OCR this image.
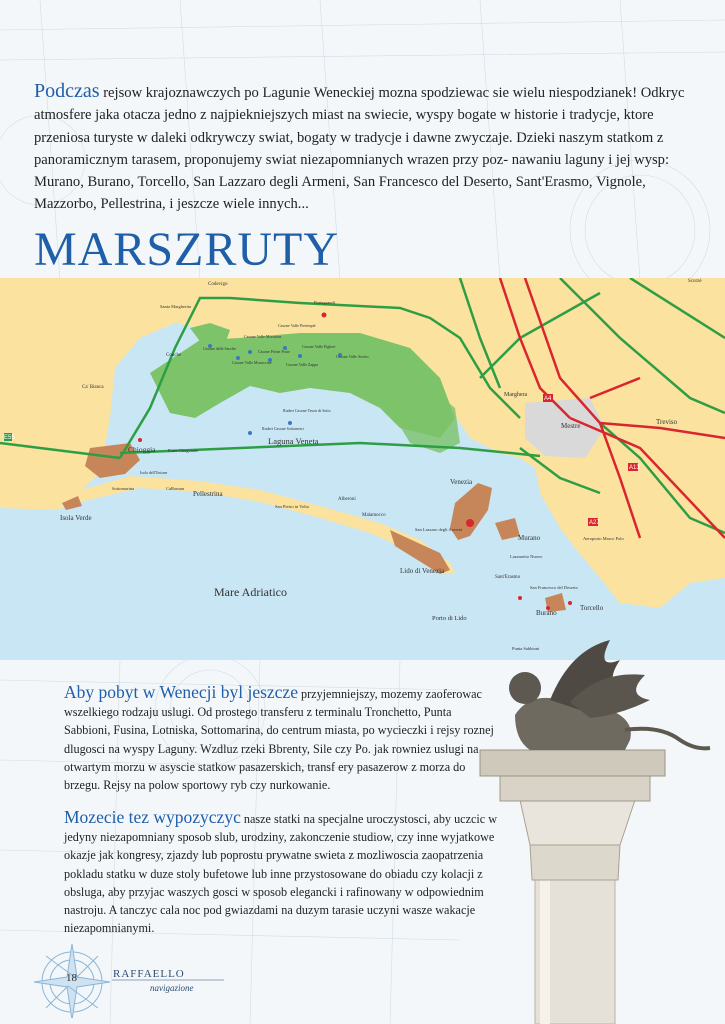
Podczas rejsow krajoznawczych po Lagunie Weneckiej mozna spodziewac sie wielu niespodzianek! Odkryc atmosfere jaka otacza jedno z najpiekniejszych miast na swiecie, wyspy bogate w historie i tradycje, ktore przeniosa turyste w daleki odkrywczy swiat, bogaty w tradycje i dawne zwyczaje. Dzieki naszym statkom z panoramicznym tarasem, proponujemy swiat niezapomnianych wrazen przy poz- nawaniu laguny i jej wysp: Murano, Burano, Torcello, San Lazzaro degli Armeni, San Francesco del Deserto, Sant'Erasmo, Vignole, Mazzorbo, Pellestrina, i jeszcze wiele innych...

MARSZRUTY
A4
A13
A27
E55	Laguna Veneta
Mare Adriatico
Venezia
Mestre
Marghera
Treviso
Chioggia
Isola Verde
Pellestrina
Murano
Burano
Torcello
Lido di Venezia
Porto di Lido
Alberoni
Malamocco
San Lazzaro degli Armeni
San Pietro in Volta
Sant'Erasmo
San Francesco del Deserto
Lazzaretto Nuovo
Aeroporto Marco Polo
Codevigo
Conche
Ca' Bianca
Sottomarina	CaRoman
Forte Ottagonale
Isola dell'Unione
Santa Margherita
Scorzè
Portegrandi
Punta Sabbioni
Ruderi Casone Teson di Sotto
Ruderi Casone Sottomerri
Casone delle Sacche
Casone Valle Morosina
Casone Valle Pierimpiè
Casone Prime Poste
Casone Valle Zappa
Casone Valle Figheri
Casone Valle Averto
Casone Valle Mozaccine

Aby pobyt w Wenecji byl jeszcze przyjemniejszy, mozemy zaoferowac wszelkiego rodzaju uslugi. Od prostego transferu z terminalu Tronchetto, Punta Sabbioni, Fusina, Lotniska, Sottomarina, do centrum miasta, po wycieczki i rejsy roznej dlugosci na wyspy Laguny. Wzdluz rzeki Bbrenty, Sile czy Po. jak rowniez uslugi na otwartym morzu w asyscie statkow pasazerskich, transf ery pasazerow z morza do brzegu. Rejsy na polow sportowy ryb czy nurkowanie.

Mozecie tez wypozyczyc nasze statki na specjalne uroczystosci, aby uczcic w jedyny niezapomniany sposob slub, urodziny, zakonczenie studiow, czy inne wyjatkowe okazje jak kongresy, zjazdy lub poprostu prywatne swieta z mozliwoscia zaopatrzenia pokladu statku w duze stoly bufetowe lub inne przystosowane do obiadu czy kolacji z obsluga, aby przyjac waszych gosci w sposob elegancki i rafinowany w odpowiednim nastroju. A tanczyc cala noc pod gwiazdami na duzym tarasie uczyni wasze wakacje niezapomnianymi.

18	RAFFAELLO
navigazione
